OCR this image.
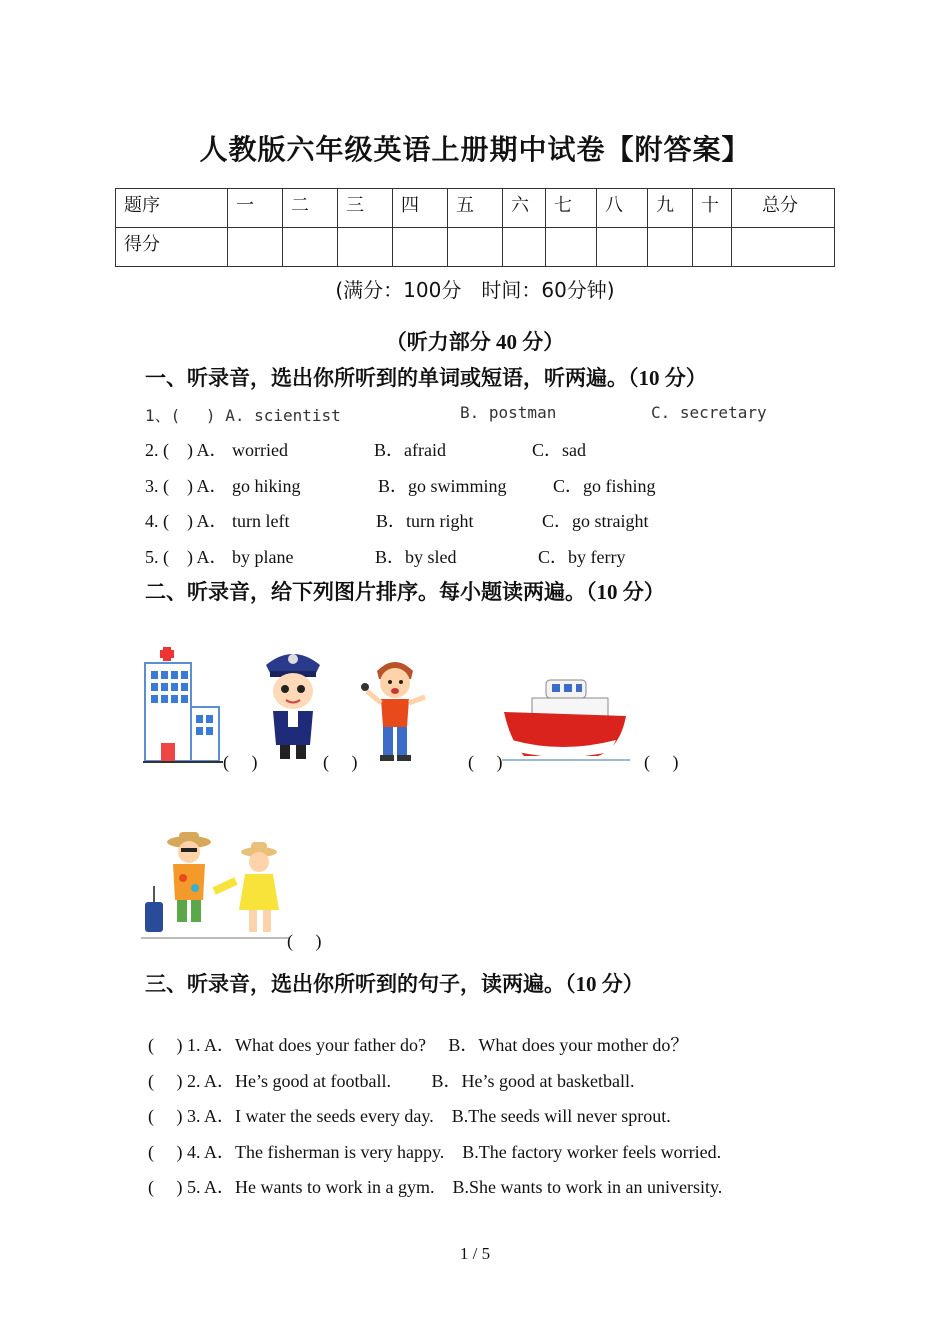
人教版六年级英语上册期中试卷【附答案】
题序	一	二	三	四	五	六	七	八	九	十	总分
得分											
(满分：100分　时间：60分钟)
（听力部分 40 分）
一、听录音，选出你所听到的单词或短语，听两遍。（10 分）
1、(　 ) A. scientist	B. postman	C. secretary
2. (　) A． worried	B．afraid	C．sad
3. (　) A． go hiking	B．go swimming	C．go fishing
4. (　) A． turn left	B．turn right	C．go straight
5. (　) A． by plane	B．by sled	C．by ferry
二、听录音，给下列图片排序。每小题读两遍。（10 分）
(　 )	(　 )	(　 )	(　 )
(　 )
三、听录音，选出你所听到的句子，读两遍。（10 分）
(　 ) 1. A．What does your father do?　 B．What does your mother do？
(　 ) 2. A．He’s good at football.　　 B．He’s good at basketball.
(　 ) 3. A．I water the seeds every day.　B.The seeds will never sprout.
(　 ) 4. A．The fisherman is very happy.　B.The factory worker feels worried.
(　 ) 5. A．He wants to work in a gym.　B.She wants to work in an university.
1 / 5
